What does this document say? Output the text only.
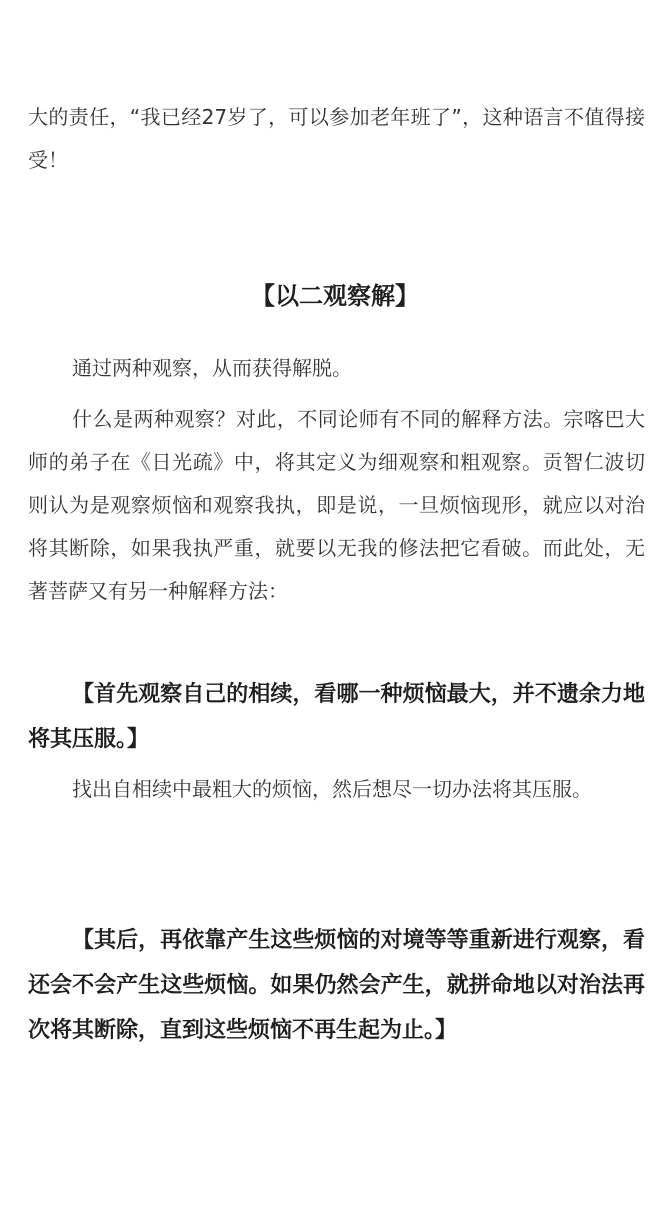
大的责任，“我已经27岁了，可以参加老年班了”，这种语言不值得接受！

【以二观察解】

通过两种观察，从而获得解脱。

什么是两种观察？对此，不同论师有不同的解释方法。宗喀巴大师的弟子在《日光疏》中，将其定义为细观察和粗观察。贡智仁波切则认为是观察烦恼和观察我执，即是说，一旦烦恼现形，就应以对治将其断除，如果我执严重，就要以无我的修法把它看破。而此处，无著菩萨又有另一种解释方法：

【首先观察自己的相续，看哪一种烦恼最大，并不遗余力地将其压服。】

找出自相续中最粗大的烦恼，然后想尽一切办法将其压服。

【其后，再依靠产生这些烦恼的对境等等重新进行观察，看还会不会产生这些烦恼。如果仍然会产生，就拼命地以对治法再次将其断除，直到这些烦恼不再生起为止。】
